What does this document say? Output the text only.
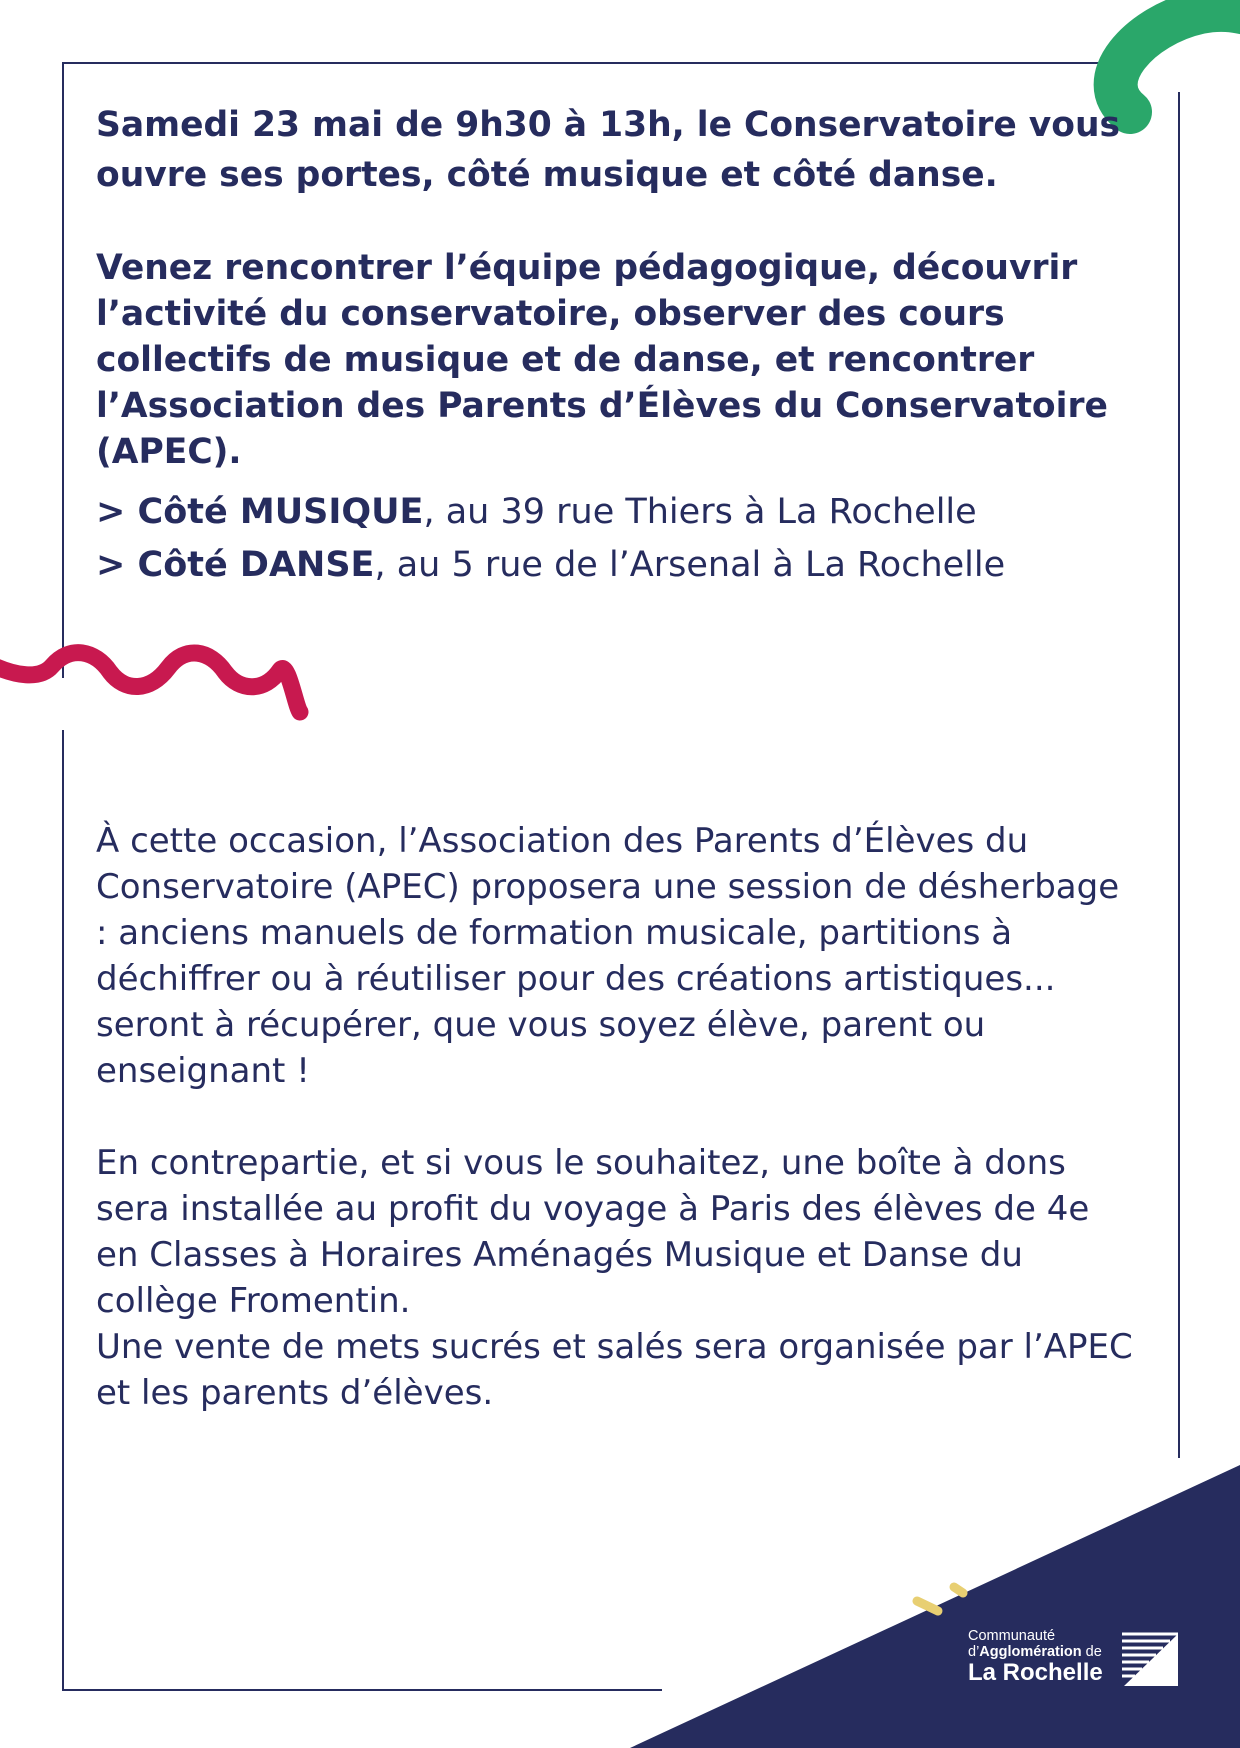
Samedi 23 mai de 9h30 à 13h, le Conservatoire vous ouvre ses portes, côté musique et côté danse.

Venez rencontrer l’équipe pédagogique, découvrir l’activité du conservatoire, observer des cours collectifs de musique et de danse, et rencontrer l’Association des Parents d’Élèves du Conservatoire (APEC).

> Côté MUSIQUE, au 39 rue Thiers à La Rochelle
> Côté DANSE, au 5 rue de l’Arsenal à La Rochelle

À cette occasion, l’Association des Parents d’Élèves du Conservatoire (APEC) proposera une session de désherbage : anciens manuels de formation musicale, partitions à déchiffrer ou à réutiliser pour des créations artistiques... seront à récupérer, que vous soyez élève, parent ou enseignant !

En contrepartie, et si vous le souhaitez, une boîte à dons sera installée au profit du voyage à Paris des élèves de 4e en Classes à Horaires Aménagés Musique et Danse du collège Fromentin.
Une vente de mets sucrés et salés sera organisée par l’APEC et les parents d’élèves.
Communauté
d’Agglomération de
La Rochelle
